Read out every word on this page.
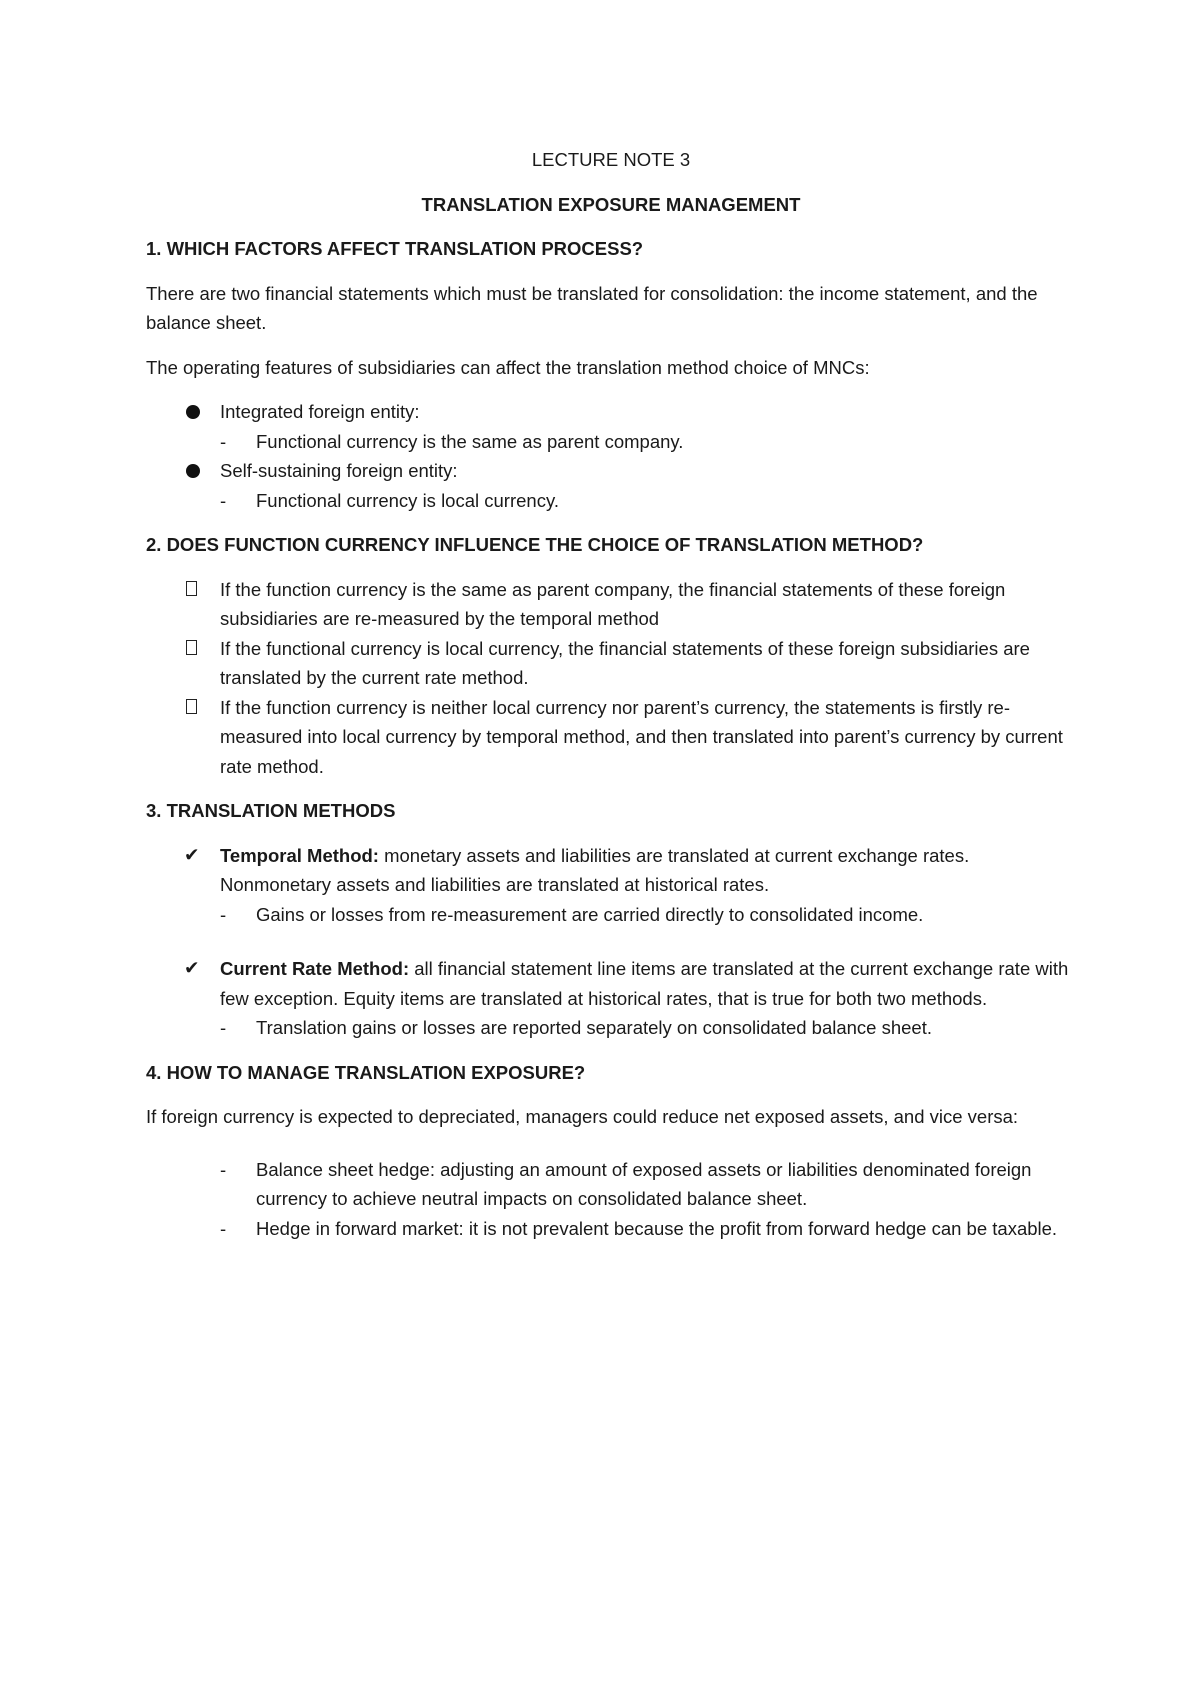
LECTURE NOTE 3

TRANSLATION EXPOSURE MANAGEMENT

1. WHICH FACTORS AFFECT TRANSLATION PROCESS?

There are two financial statements which must be translated for consolidation: the income statement, and the balance sheet.

The operating features of subsidiaries can affect the translation method choice of MNCs:

Integrated foreign entity:
- Functional currency is the same as parent company.
Self-sustaining foreign entity:
- Functional currency is local currency.

2. DOES FUNCTION CURRENCY INFLUENCE THE CHOICE OF TRANSLATION METHOD?

If the function currency is the same as parent company, the financial statements of these foreign subsidiaries are re-measured by the temporal method
If the functional currency is local currency, the financial statements of these foreign subsidiaries are translated by the current rate method.
If the function currency is neither local currency nor parent’s currency, the statements is firstly re-measured into local currency by temporal method, and then translated into parent’s currency by current rate method.

3. TRANSLATION METHODS

✔ Temporal Method: monetary assets and liabilities are translated at current exchange rates. Nonmonetary assets and liabilities are translated at historical rates.
- Gains or losses from re-measurement are carried directly to consolidated income.
✔ Current Rate Method: all financial statement line items are translated at the current exchange rate with few exception. Equity items are translated at historical rates, that is true for both two methods.
- Translation gains or losses are reported separately on consolidated balance sheet.

4. HOW TO MANAGE TRANSLATION EXPOSURE?

If foreign currency is expected to depreciated, managers could reduce net exposed assets, and vice versa:

- Balance sheet hedge: adjusting an amount of exposed assets or liabilities denominated foreign currency to achieve neutral impacts on consolidated balance sheet.
- Hedge in forward market: it is not prevalent because the profit from forward hedge can be taxable.
